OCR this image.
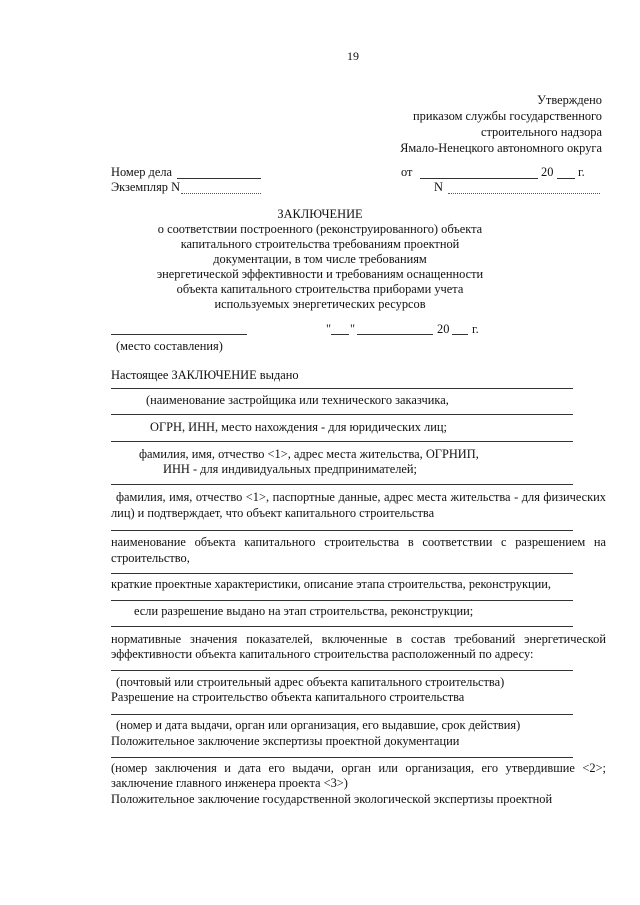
19
Утверждено
приказом службы государственного
строительного надзора
Ямало-Ненецкого автономного округа
Номер дела
Экземпляр N
от	20 г.
N
ЗАКЛЮЧЕНИЕ
о соответствии построенного (реконструированного) объекта
капитального строительства требованиям проектной
документации, в том числе требованиям
энергетической эффективности и требованиям оснащенности
объекта капитального строительства приборами учета
используемых энергетических ресурсов
" "	20 г.
(место составления)
Настоящее ЗАКЛЮЧЕНИЕ выдано
(наименование застройщика или технического заказчика,
ОГРН, ИНН, место нахождения - для юридических лиц;
фамилия, имя, отчество <1>, адрес места жительства, ОГРНИП,
ИНН - для индивидуальных предпринимателей;
фамилия, имя, отчество <1>, паспортные данные, адрес места жительства - для физических
лиц) и подтверждает, что объект капитального строительства
наименование объекта капитального строительства в соответствии с разрешением на
строительство,
краткие проектные характеристики, описание этапа строительства, реконструкции,
если разрешение выдано на этап строительства, реконструкции;
нормативные значения показателей, включенные в состав требований энергетической
эффективности объекта капитального строительства расположенный по адресу:
(почтовый или строительный адрес объекта капитального строительства)
Разрешение на строительство объекта капитального строительства
(номер и дата выдачи, орган или организация, его выдавшие, срок действия)
Положительное заключение экспертизы проектной документации
(номер заключения и дата его выдачи, орган или организация, его утвердившие <2>;
заключение главного инженера проекта <3>)
Положительное заключение государственной экологической экспертизы проектной
